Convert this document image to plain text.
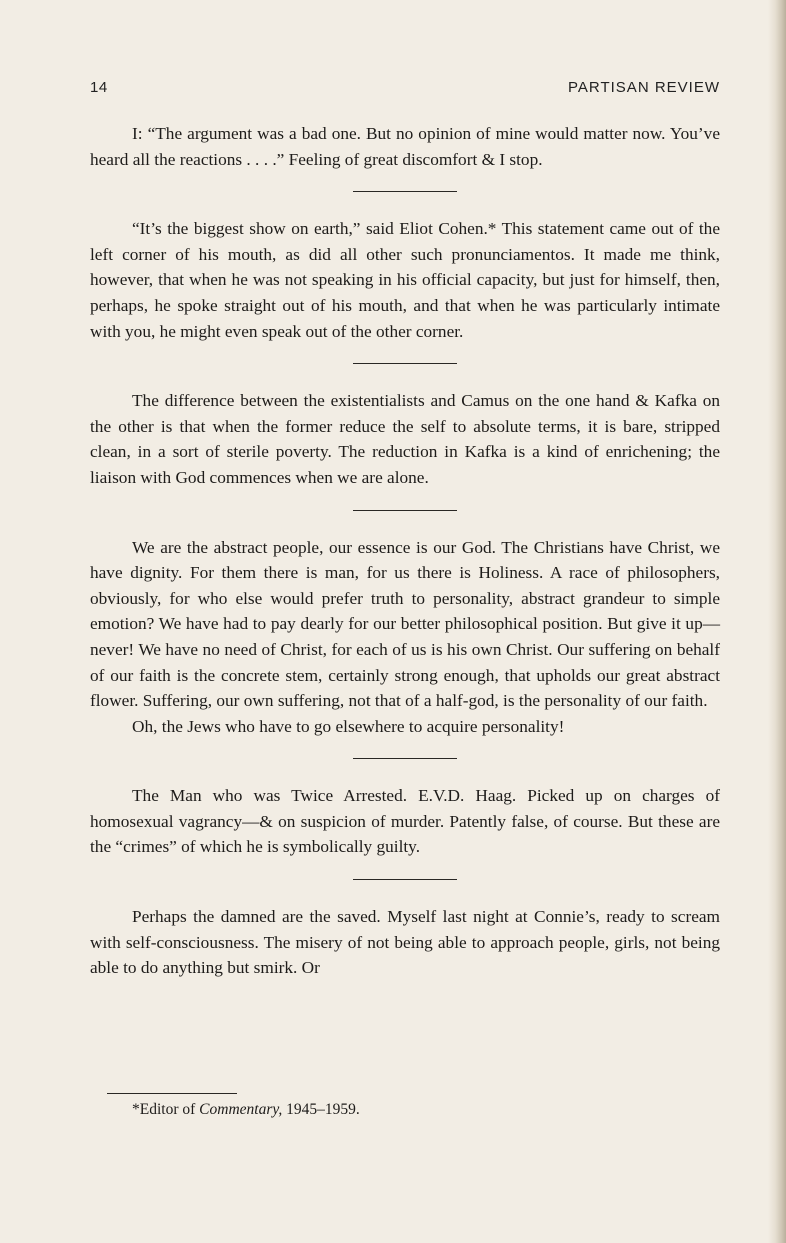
14	PARTISAN REVIEW

I: “The argument was a bad one. But no opinion of mine would matter now. You’ve heard all the reactions . . . .” Feeling of great discomfort & I stop.

“It’s the biggest show on earth,” said Eliot Cohen.* This statement came out of the left corner of his mouth, as did all other such pronunciamentos. It made me think, however, that when he was not speaking in his official capacity, but just for himself, then, perhaps, he spoke straight out of his mouth, and that when he was particularly intimate with you, he might even speak out of the other corner.

The difference between the existentialists and Camus on the one hand & Kafka on the other is that when the former reduce the self to absolute terms, it is bare, stripped clean, in a sort of sterile poverty. The reduction in Kafka is a kind of enrichening; the liaison with God commences when we are alone.

We are the abstract people, our essence is our God. The Christians have Christ, we have dignity. For them there is man, for us there is Holiness. A race of philosophers, obviously, for who else would prefer truth to personality, abstract grandeur to simple emotion? We have had to pay dearly for our better philosophical position. But give it up—never! We have no need of Christ, for each of us is his own Christ. Our suffering on behalf of our faith is the concrete stem, certainly strong enough, that upholds our great abstract flower. Suffering, our own suffering, not that of a half-god, is the personality of our faith.

Oh, the Jews who have to go elsewhere to acquire personality!

The Man who was Twice Arrested. E.V.D. Haag. Picked up on charges of homosexual vagrancy—& on suspicion of murder. Patently false, of course. But these are the “crimes” of which he is symbolically guilty.

Perhaps the damned are the saved. Myself last night at Connie’s, ready to scream with self-consciousness. The misery of not being able to approach people, girls, not being able to do anything but smirk. Or

*Editor of Commentary, 1945–1959.
